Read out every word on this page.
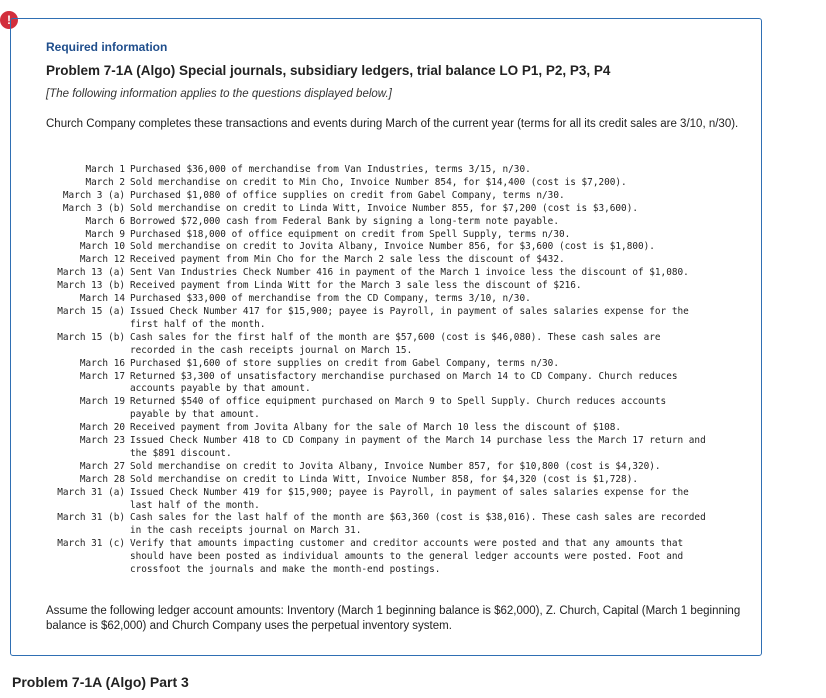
!
Required information
Problem 7-1A (Algo) Special journals, subsidiary ledgers, trial balance LO P1, P2, P3, P4
[The following information applies to the questions displayed below.]
Church Company completes these transactions and events during March of the current year (terms for all its credit sales are 3/10, n/30).
March 1 Purchased $36,000 of merchandise from Van Industries, terms 3/15, n/30.
March 2 Sold merchandise on credit to Min Cho, Invoice Number 854, for $14,400 (cost is $7,200).
March 3 (a) Purchased $1,080 of office supplies on credit from Gabel Company, terms n/30.
March 3 (b) Sold merchandise on credit to Linda Witt, Invoice Number 855, for $7,200 (cost is $3,600).
March 6 Borrowed $72,000 cash from Federal Bank by signing a long-term note payable.
March 9 Purchased $18,000 of office equipment on credit from Spell Supply, terms n/30.
March 10 Sold merchandise on credit to Jovita Albany, Invoice Number 856, for $3,600 (cost is $1,800).
March 12 Received payment from Min Cho for the March 2 sale less the discount of $432.
March 13 (a) Sent Van Industries Check Number 416 in payment of the March 1 invoice less the discount of $1,080.
March 13 (b) Received payment from Linda Witt for the March 3 sale less the discount of $216.
March 14 Purchased $33,000 of merchandise from the CD Company, terms 3/10, n/30.
March 15 (a) Issued Check Number 417 for $15,900; payee is Payroll, in payment of sales salaries expense for the first half of the month.
March 15 (b) Cash sales for the first half of the month are $57,600 (cost is $46,080). These cash sales are recorded in the cash receipts journal on March 15.
March 16 Purchased $1,600 of store supplies on credit from Gabel Company, terms n/30.
March 17 Returned $3,300 of unsatisfactory merchandise purchased on March 14 to CD Company. Church reduces accounts payable by that amount.
March 19 Returned $540 of office equipment purchased on March 9 to Spell Supply. Church reduces accounts payable by that amount.
March 20 Received payment from Jovita Albany for the sale of March 10 less the discount of $108.
March 23 Issued Check Number 418 to CD Company in payment of the March 14 purchase less the March 17 return and the $891 discount.
March 27 Sold merchandise on credit to Jovita Albany, Invoice Number 857, for $10,800 (cost is $4,320).
March 28 Sold merchandise on credit to Linda Witt, Invoice Number 858, for $4,320 (cost is $1,728).
March 31 (a) Issued Check Number 419 for $15,900; payee is Payroll, in payment of sales salaries expense for the last half of the month.
March 31 (b) Cash sales for the last half of the month are $63,360 (cost is $38,016). These cash sales are recorded in the cash receipts journal on March 31.
March 31 (c) Verify that amounts impacting customer and creditor accounts were posted and that any amounts that should have been posted as individual amounts to the general ledger accounts were posted. Foot and crossfoot the journals and make the month-end postings.
Assume the following ledger account amounts: Inventory (March 1 beginning balance is $62,000), Z. Church, Capital (March 1 beginning balance is $62,000) and Church Company uses the perpetual inventory system.
Problem 7-1A (Algo) Part 3
